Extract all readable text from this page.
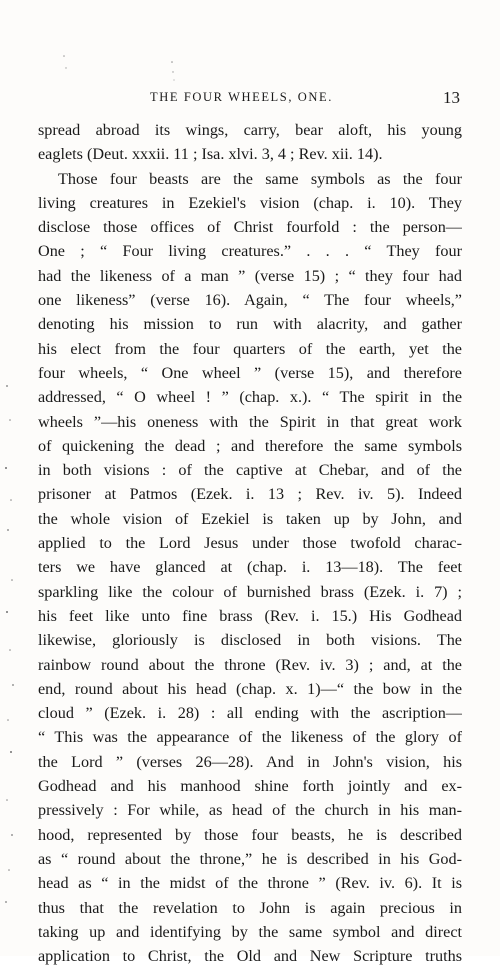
THE FOUR WHEELS, ONE.	13
spread abroad its wings, carry, bear aloft, his young
eaglets (Deut. xxxii. 11 ; Isa. xlvi. 3, 4 ; Rev. xii. 14).
Those four beasts are the same symbols as the four
living creatures in Ezekiel's vision (chap. i. 10). They
disclose those offices of Christ fourfold : the person—
One ; “ Four living creatures.” . . . “ They four
had the likeness of a man ” (verse 15) ; “ they four had
one likeness” (verse 16). Again, “ The four wheels,”
denoting his mission to run with alacrity, and gather
his elect from the four quarters of the earth, yet the
four wheels, “ One wheel ” (verse 15), and therefore
addressed, “ O wheel ! ” (chap. x.). “ The spirit in the
wheels ”—his oneness with the Spirit in that great work
of quickening the dead ; and therefore the same symbols
in both visions : of the captive at Chebar, and of the
prisoner at Patmos (Ezek. i. 13 ; Rev. iv. 5). Indeed
the whole vision of Ezekiel is taken up by John, and
applied to the Lord Jesus under those twofold charac-
ters we have glanced at (chap. i. 13—18). The feet
sparkling like the colour of burnished brass (Ezek. i. 7) ;
his feet like unto fine brass (Rev. i. 15.) His Godhead
likewise, gloriously is disclosed in both visions. The
rainbow round about the throne (Rev. iv. 3) ; and, at the
end, round about his head (chap. x. 1)—“ the bow in the
cloud ” (Ezek. i. 28) : all ending with the ascription—
“ This was the appearance of the likeness of the glory of
the Lord ” (verses 26—28). And in John's vision, his
Godhead and his manhood shine forth jointly and ex-
pressively : For while, as head of the church in his man-
hood, represented by those four beasts, he is described
as “ round about the throne,” he is described in his God-
head as “ in the midst of the throne ” (Rev. iv. 6). It is
thus that the revelation to John is again precious in
taking up and identifying by the same symbol and direct
application to Christ, the Old and New Scripture truths
